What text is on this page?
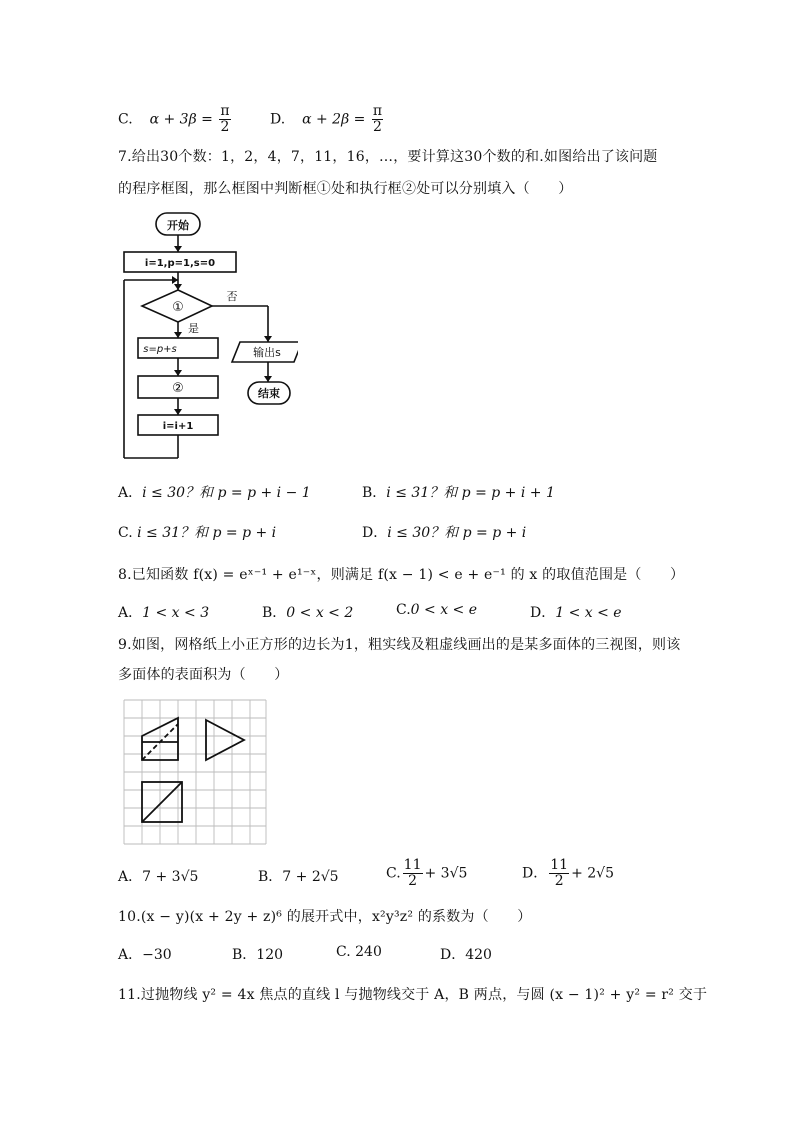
C. $\alpha + 3\beta = \frac{\pi}{2}$	D. $\alpha + 2\beta = \frac{\pi}{2}$
7.给出30个数：1，2，4，7，11，16，…，要计算这30个数的和.如图给出了该问题
的程序框图，那么框图中判断框①处和执行框②处可以分别填入（　　）
开始
i=1,p=1,s=0
①
否
是
s=p+s
②
i=i+1
输出s
结束
A．i ≤ 30？和 p = p + i − 1	B．i ≤ 31？和 p = p + i + 1
C. i ≤ 31？和 p = p + i	D．i ≤ 30？和 p = p + i
8.已知函数 f(x) = eˣ⁻¹ + e¹⁻ˣ，则满足 f(x − 1) < e + e⁻¹ 的 x 的取值范围是（　　）
A．1 < x < 3	B．0 < x < 2	C.0 < x < e	D．1 < x < e
9.如图，网格纸上小正方形的边长为1，粗实线及粗虚线画出的是某多面体的三视图，则该
多面体的表面积为（　　）
A．7 + 3√5	B．7 + 2√5	C. $\frac{11}{2} + 3√5$	D． $\frac{11}{2} + 2√5$
10.(x − y)(x + 2y + z)⁶ 的展开式中，x²y³z² 的系数为（　　）
A．−30	B．120	C. 240	D．420
11.过抛物线 y² = 4x 焦点的直线 l 与抛物线交于 A，B 两点，与圆 (x − 1)² + y² = r² 交于
